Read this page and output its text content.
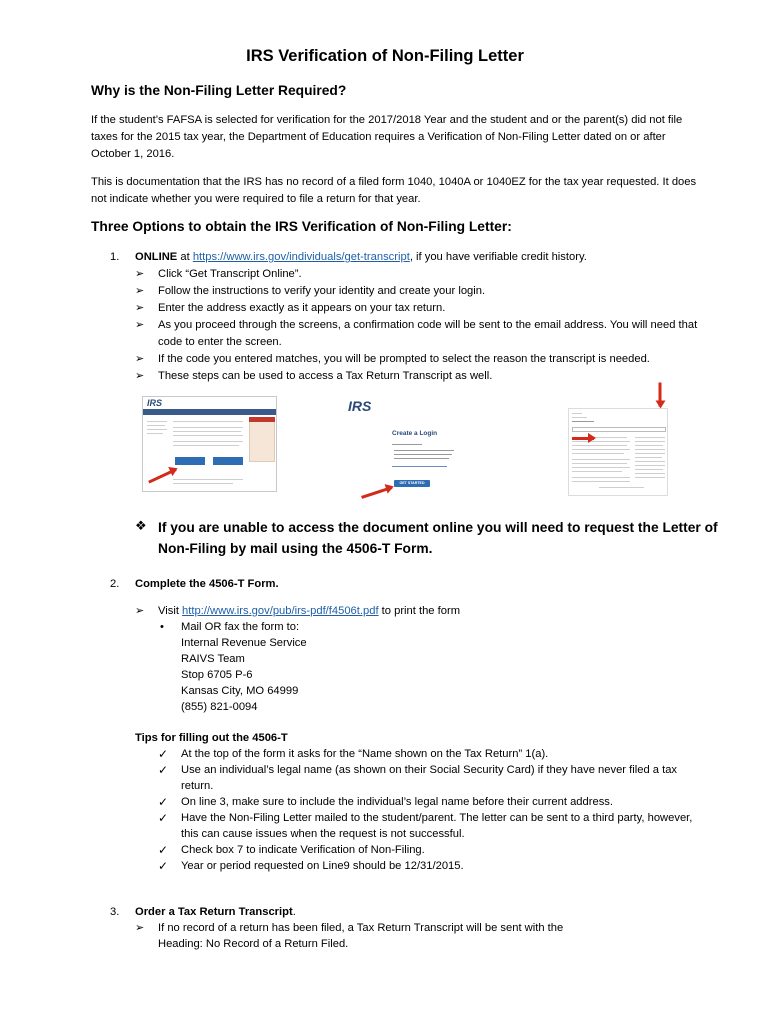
IRS Verification of Non-Filing Letter
Why is the Non-Filing Letter Required?

If the student’s FAFSA is selected for verification for the 2017/2018 Year and the student and or the parent(s) did not file
taxes for the 2015 tax year, the Department of Education requires a Verification of Non-Filing Letter dated on or after
October 1, 2016.

This is documentation that the IRS has no record of a filed form 1040, 1040A or 1040EZ for the tax year requested. It does
not indicate whether you were required to file a return for that year.

Three Options to obtain the IRS Verification of Non-Filing Letter:
1. ONLINE at https://www.irs.gov/individuals/get-transcript, if you have verifiable credit history.
➢ Click “Get Transcript Online”.
➢ Follow the instructions to verify your identity and create your login.
➢ Enter the address exactly as it appears on your tax return.
➢ As you proceed through the screens, a confirmation code will be sent to the email address. You will need that
code to enter the screen.
➢ If the code you entered matches, you will be prompted to select the reason the transcript is needed.
➢ These steps can be used to access a Tax Return Transcript as well.
IRS	IRS
Create a Login
GET STARTED
❖ If you are unable to access the document online you will need to request the Letter of
Non-Filing by mail using the 4506-T Form.
2. Complete the 4506-T Form.
➢ Visit http://www.irs.gov/pub/irs-pdf/f4506t.pdf to print the form
• Mail OR fax the form to:
Internal Revenue Service
RAIVS Team
Stop 6705 P-6
Kansas City, MO 64999
(855) 821-0094
Tips for filling out the 4506-T
✓ At the top of the form it asks for the “Name shown on the Tax Return” 1(a).
✓ Use an individual’s legal name (as shown on their Social Security Card) if they have never filed a tax
return.
✓ On line 3, make sure to include the individual’s legal name before their current address.
✓ Have the Non-Filing Letter mailed to the student/parent. The letter can be sent to a third party, however,
this can cause issues when the request is not successful.
✓ Check box 7 to indicate Verification of Non-Filing.
✓ Year or period requested on Line9 should be 12/31/2015.
3. Order a Tax Return Transcript.
➢ If no record of a return has been filed, a Tax Return Transcript will be sent with the
Heading: No Record of a Return Filed.
